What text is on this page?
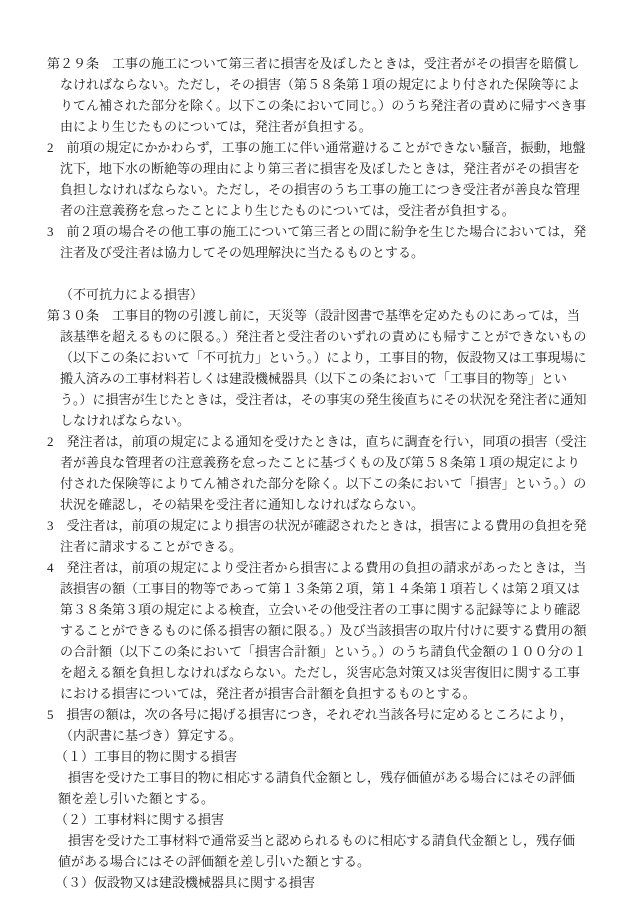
第２９条　工事の施工について第三者に損害を及ぼしたときは，受注者がその損害を賠償しなければならない。ただし，その損害（第５８条第１項の規定により付された保険等によりてん補された部分を除く。以下この条において同じ。）のうち発注者の責めに帰すべき事由により生じたものについては，発注者が負担する。

2　前項の規定にかかわらず，工事の施工に伴い通常避けることができない騒音，振動，地盤沈下，地下水の断絶等の理由により第三者に損害を及ぼしたときは，発注者がその損害を負担しなければならない。ただし，その損害のうち工事の施工につき受注者が善良な管理者の注意義務を怠ったことにより生じたものについては，受注者が負担する。

3　前２項の場合その他工事の施工について第三者との間に紛争を生じた場合においては，発注者及び受注者は協力してその処理解決に当たるものとする。

（不可抗力による損害）

第３０条　工事目的物の引渡し前に，天災等（設計図書で基準を定めたものにあっては，当該基準を超えるものに限る。）発注者と受注者のいずれの責めにも帰すことができないもの（以下この条において「不可抗力」という。）により，工事目的物，仮設物又は工事現場に搬入済みの工事材料若しくは建設機械器具（以下この条において「工事目的物等」という。）に損害が生じたときは，受注者は，その事実の発生後直ちにその状況を発注者に通知しなければならない。

2　発注者は，前項の規定による通知を受けたときは，直ちに調査を行い，同項の損害（受注者が善良な管理者の注意義務を怠ったことに基づくもの及び第５８条第１項の規定により付された保険等によりてん補された部分を除く。以下この条において「損害」という。）の状況を確認し，その結果を受注者に通知しなければならない。

3　受注者は，前項の規定により損害の状況が確認されたときは，損害による費用の負担を発注者に請求することができる。

4　発注者は，前項の規定により受注者から損害による費用の負担の請求があったときは，当該損害の額（工事目的物等であって第１３条第２項，第１４条第１項若しくは第２項又は第３８条第３項の規定による検査，立会いその他受注者の工事に関する記録等により確認することができるものに係る損害の額に限る。）及び当該損害の取片付けに要する費用の額の合計額（以下この条において「損害合計額」という。）のうち請負代金額の１００分の１を超える額を負担しなければならない。ただし，災害応急対策又は災害復旧に関する工事における損害については，発注者が損害合計額を負担するものとする。

5　損害の額は，次の各号に掲げる損害につき，それぞれ当該各号に定めるところにより，（内訳書に基づき）算定する。

（１）工事目的物に関する損害

損害を受けた工事目的物に相応する請負代金額とし，残存価値がある場合にはその評価額を差し引いた額とする。

（２）工事材料に関する損害

損害を受けた工事材料で通常妥当と認められるものに相応する請負代金額とし，残存価値がある場合にはその評価額を差し引いた額とする。

（３）仮設物又は建設機械器具に関する損害
